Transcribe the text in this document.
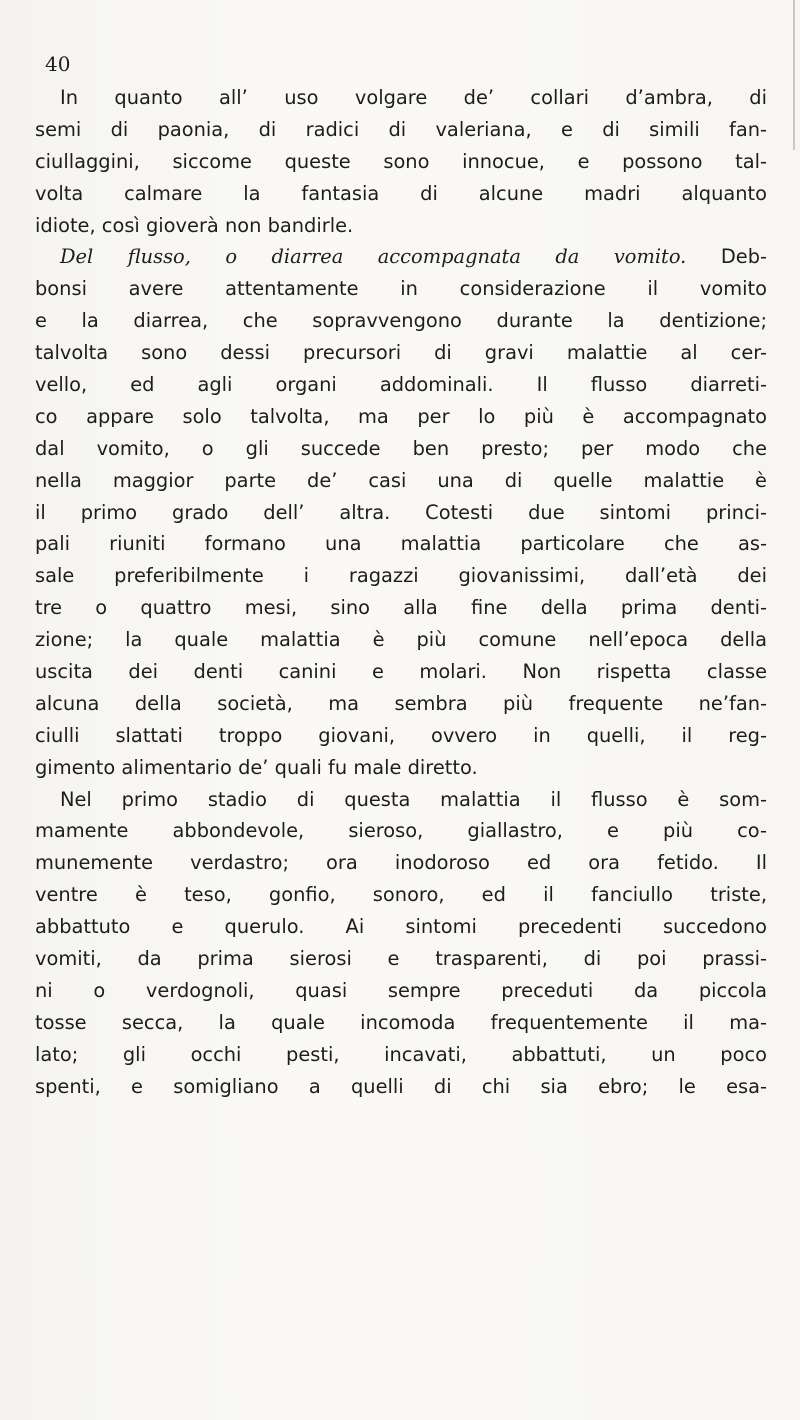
40
In quanto all’ uso volgare de’ collari d’ambra, di
semi di paonia, di radici di valeriana, e di simili fan-
ciullaggini, siccome queste sono innocue, e possono tal-
volta calmare la fantasia di alcune madri alquanto
idiote, così gioverà non bandirle.
Del flusso, o diarrea accompagnata da vomito. Deb-
bonsi avere attentamente in considerazione il vomito
e la diarrea, che sopravvengono durante la dentizione;
talvolta sono dessi precursori di gravi malattie al cer-
vello, ed agli organi addominali. Il flusso diarreti-
co appare solo talvolta, ma per lo più è accompagnato
dal vomito, o gli succede ben presto; per modo che
nella maggior parte de’ casi una di quelle malattie è
il primo grado dell’ altra. Cotesti due sintomi princi-
pali riuniti formano una malattia particolare che as-
sale preferibilmente i ragazzi giovanissimi, dall’età dei
tre o quattro mesi, sino alla fine della prima denti-
zione; la quale malattia è più comune nell’epoca della
uscita dei denti canini e molari. Non rispetta classe
alcuna della società, ma sembra più frequente ne’fan-
ciulli slattati troppo giovani, ovvero in quelli, il reg-
gimento alimentario de’ quali fu male diretto.
Nel primo stadio di questa malattia il flusso è som-
mamente abbondevole, sieroso, giallastro, e più co-
munemente verdastro; ora inodoroso ed ora fetido. Il
ventre è teso, gonfio, sonoro, ed il fanciullo triste,
abbattuto e querulo. Ai sintomi precedenti succedono
vomiti, da prima sierosi e trasparenti, di poi prassi-
ni o verdognoli, quasi sempre preceduti da piccola
tosse secca, la quale incomoda frequentemente il ma-
lato; gli occhi pesti, incavati, abbattuti, un poco
spenti, e somigliano a quelli di chi sia ebro; le esa-
